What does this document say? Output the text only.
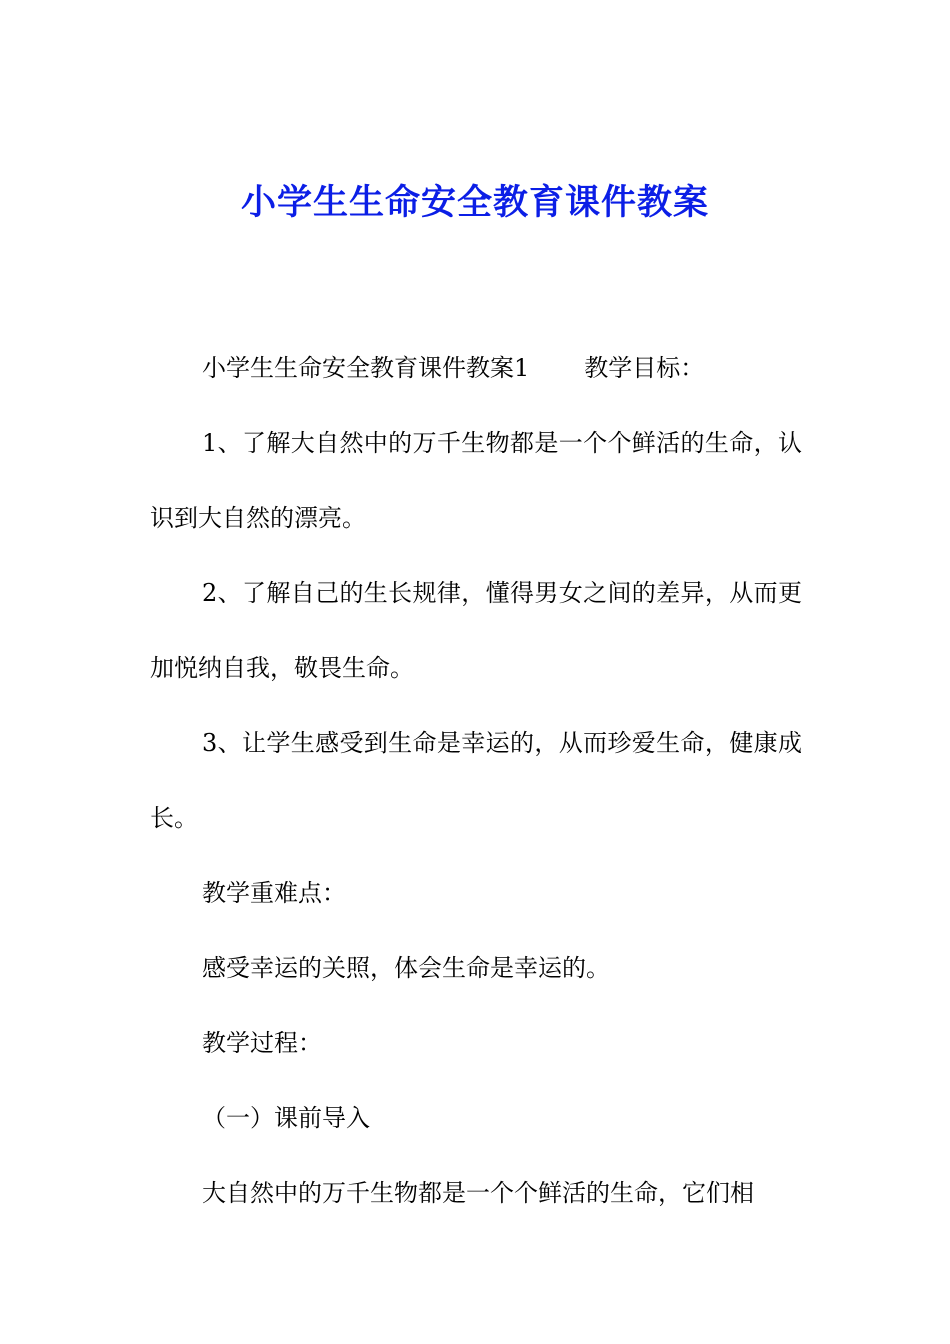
小学生生命安全教育课件教案

小学生生命安全教育课件教案1 教学目标：

1、了解大自然中的万千生物都是一个个鲜活的生命，认识到大自然的漂亮。

2、了解自己的生长规律，懂得男女之间的差异，从而更加悦纳自我，敬畏生命。

3、让学生感受到生命是幸运的，从而珍爱生命，健康成长。

教学重难点：

感受幸运的关照，体会生命是幸运的。

教学过程：

（一）课前导入

大自然中的万千生物都是一个个鲜活的生命，它们相
